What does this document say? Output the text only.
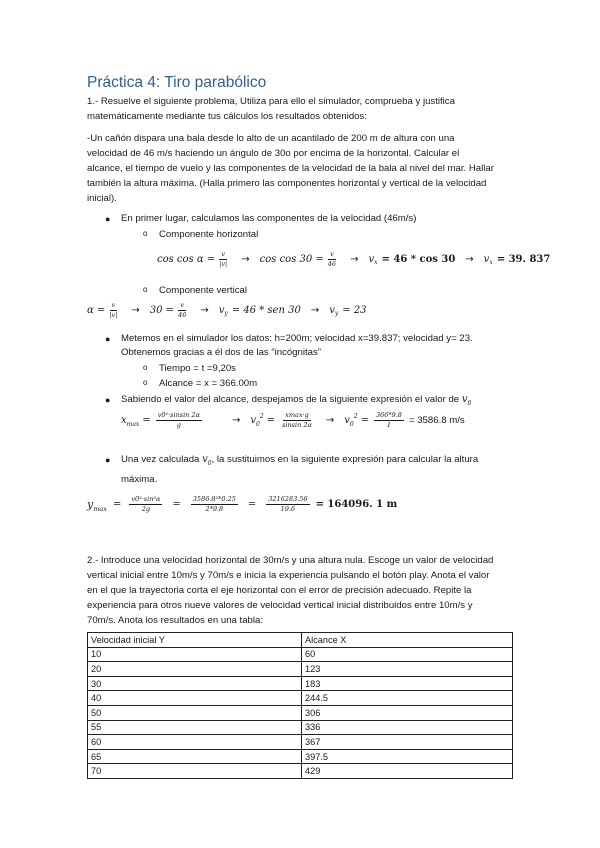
Práctica 4: Tiro parabólico
1.- Resuelve el siguiente problema, Utiliza para ello el simulador, comprueba y justifica
matemáticamente mediante tus cálculos los resultados obtenidos:
-Un cañón dispara una bala desde lo alto de un acantilado de 200 m de altura con una
velocidad de 46 m/s haciendo un ángulo de 30o por encima de la horizontal. Calcular el
alcance, el tiempo de vuelo y las componentes de la velocidad de la bala al nivel del mar. Hallar
también la altura máxima. (Halla primero las componentes horizontal y vertical de la velocidad
inicial).
● En primer lugar, calculamos las componentes de la velocidad (46m/s)
o Componente horizontal
$\cos \cos \alpha = \frac{v}{|v|} \to \cos \cos 30 = \frac{v}{46} \to v$ x = 46 * cos 30 → v x = 39. 837
o Componente vertical
$\alpha = \frac{v}{|v|} \to 30 = \frac{v}{46} \to v$ y = 46 * sen 30 → v y = 23
● Metemos en el simulador los datos: h=200m; velocidad x=39.837; velocidad y= 23.
Obtenemos gracias a él dos de las “incógnitas”
o Tiempo = t =9,20s
o Alcance = x = 366.00m
● Sabiendo el valor del alcance, despejamos de la siguiente expresión el valor de $v_0$
x $\max = \frac{\text{v0²·sinsin 2α}}{g}$	→ v 0
$2 = \frac{xmax\cdot g}{\text{sinsin 2α}} \to v$ 0
$2 = \frac{366*9.8}{1} = 3586.8$ m/s
● Una vez calculada $v_0$, la sustituimos en la siguiente expresión para calcular la altura
máxima.
y $\max = \frac{\text{v0²·sin²α}}{2g} = \frac{\text{3586.8²*0.25}}{2*9.8} = \frac{3216283.56}{19.6} = 164096$. 1 m
2.- Introduce una velocidad horizontal de 30m/s y una altura nula. Escoge un valor de velocidad
vertical inicial entre 10m/s y 70m/s e inicia la experiencia pulsando el botón play. Anota el valor
en el que la trayectoria corta el eje horizontal con el error de precisión adecuado. Repite la
experiencia para otros nueve valores de velocidad vertical inicial distribuidos entre 10m/s y
70m/s. Anota los resultados en una tabla:
Velocidad inicial Y	Alcance X
10	60
20	123
30	183
40	244.5
50	306
55	336
60	367
65	397.5
70	429
